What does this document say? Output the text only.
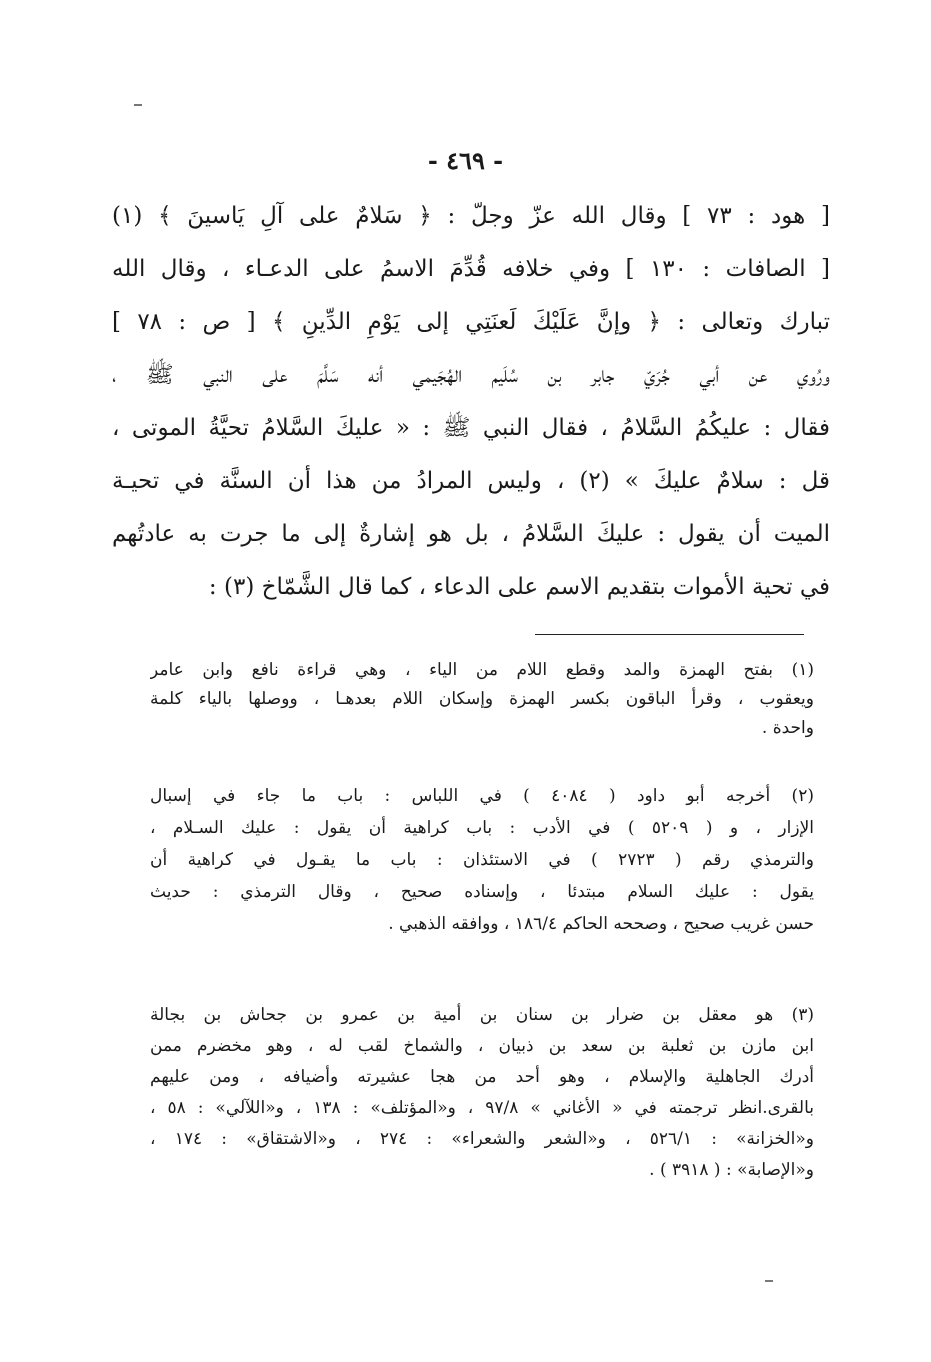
- ٤٦٩ -
[ هود : ٧٣ ] وقال الله عزّ وجلّ : ﴿ سَلامٌ على آلِ يَاسينَ ﴾ (١)
[ الصافات : ١٣٠ ] وفي خلافه قُدِّمَ الاسمُ على الدعـاء ، وقال الله
تبارك وتعالى : ﴿ وإنَّ عَلَيْكَ لَعنَتِي إلى يَوْمِ الدِّينِ ﴾ [ ص : ٧٨ ]
ورُوي عن أبي جُرَيّ جابر بن سُلَيم الهُجَيمي أنه سَلَّمَ على النبي ﷺ ،
فقال : عليكُمُ السَّلامُ ، فقال النبي ﷺ : « عليكَ السَّلامُ تحيَّةُ الموتى ،
قل : سلامٌ عليكَ » (٢) ، وليس المرادُ من هذا أن السنَّة في تحيـة
الميت أن يقول : عليكَ السَّلامُ ، بل هو إشارةٌ إلى ما جرت به عادتُهم
في تحية الأموات بتقديم الاسم على الدعاء ، كما قال الشَّمّاخ (٣) :
(١) بفتح الهمزة والمد وقطع اللام من الياء ، وهي قراءة نافع وابن عامر
ويعقوب ، وقرأ الباقون بكسر الهمزة وإسكان اللام بعدهـا ، ووصلها بالياء كلمة
واحدة .
(٢) أخرجه أبو داود ( ٤٠٨٤ ) في اللباس : باب ما جاء في إسبال
الإزار ، و ( ٥٢٠٩ ) في الأدب : باب كراهية أن يقول : عليك السـلام ،
والترمذي رقم ( ٢٧٢٣ ) في الاستئذان : باب ما يقـول في كراهية أن
يقول : عليك السلام مبتدئا ، وإسناده صحيح ، وقال الترمذي : حديث
حسن غريب صحيح ، وصححه الحاكم ١٨٦/٤ ، ووافقه الذهبي .
(٣) هو معقل بن ضرار بن سنان بن أمية بن عمرو بن جحاش بن بجالة
ابن مازن بن ثعلبة بن سعد بن ذبيان ، والشماخ لقب له ، وهو مخضرم ممن
أدرك الجاهلية والإسلام ، وهو أحد من هجا عشيرته وأضيافه ، ومن عليهم
بالقرى.انظر ترجمته في « الأغاني » ٩٧/٨ ، و«المؤتلف» : ١٣٨ ، و«اللآلي» : ٥٨ ،
و«الخزانة» : ٥٢٦/١ ، و«الشعر والشعراء» : ٢٧٤ ، و«الاشتقاق» : ١٧٤ ،
و«الإصابة» : ( ٣٩١٨ ) .
